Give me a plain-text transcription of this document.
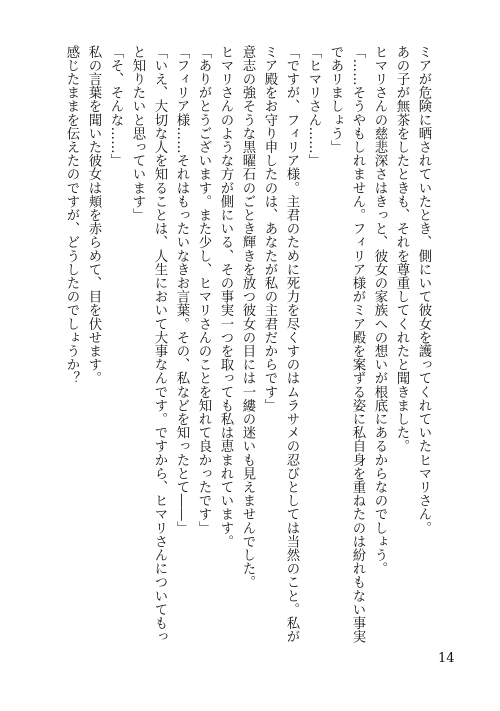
ミアが危険に晒されていたとき、側にいて彼女を護ってくれていたヒマリさん。
あの子が無茶をしたときも、それを尊重してくれたと聞きました。
ヒマリさんの慈悲深さはきっと、彼女の家族への想いが根底にあるからなのでしょう。
「……そうやもしれません。フィリア様がミア殿を案ずる姿に私自身を重ねたのは紛れもない事実
であリましょう」
「ヒマリさん……」
「ですが、フィリア様。主君のために死力を尽くすのはムラサメの忍びとしては当然のこと。私が
ミア殿をお守り申したのは、あなたが私の主君だからです」
意志の強そうな黒曜石のごとき輝きを放つ彼女の目には一縷の迷いも見えませんでした。
ヒマリさんのような方が側にいる、その事実一つを取っても私は恵まれています。
「ありがとうございます。また少し、ヒマリさんのことを知れて良かったです」
「フィリア様……それはもったいなきお言葉。その、私などを知ったとて――」
「いえ、大切な人を知ることは、人生において大事なんです。ですから、ヒマリさんについてもっ
と知りたいと思っています」
「そ、そんな……」
私の言葉を聞いた彼女は頬を赤らめて、目を伏せます。
感じたままを伝えたのですが、どうしたのでしょうか？
14
